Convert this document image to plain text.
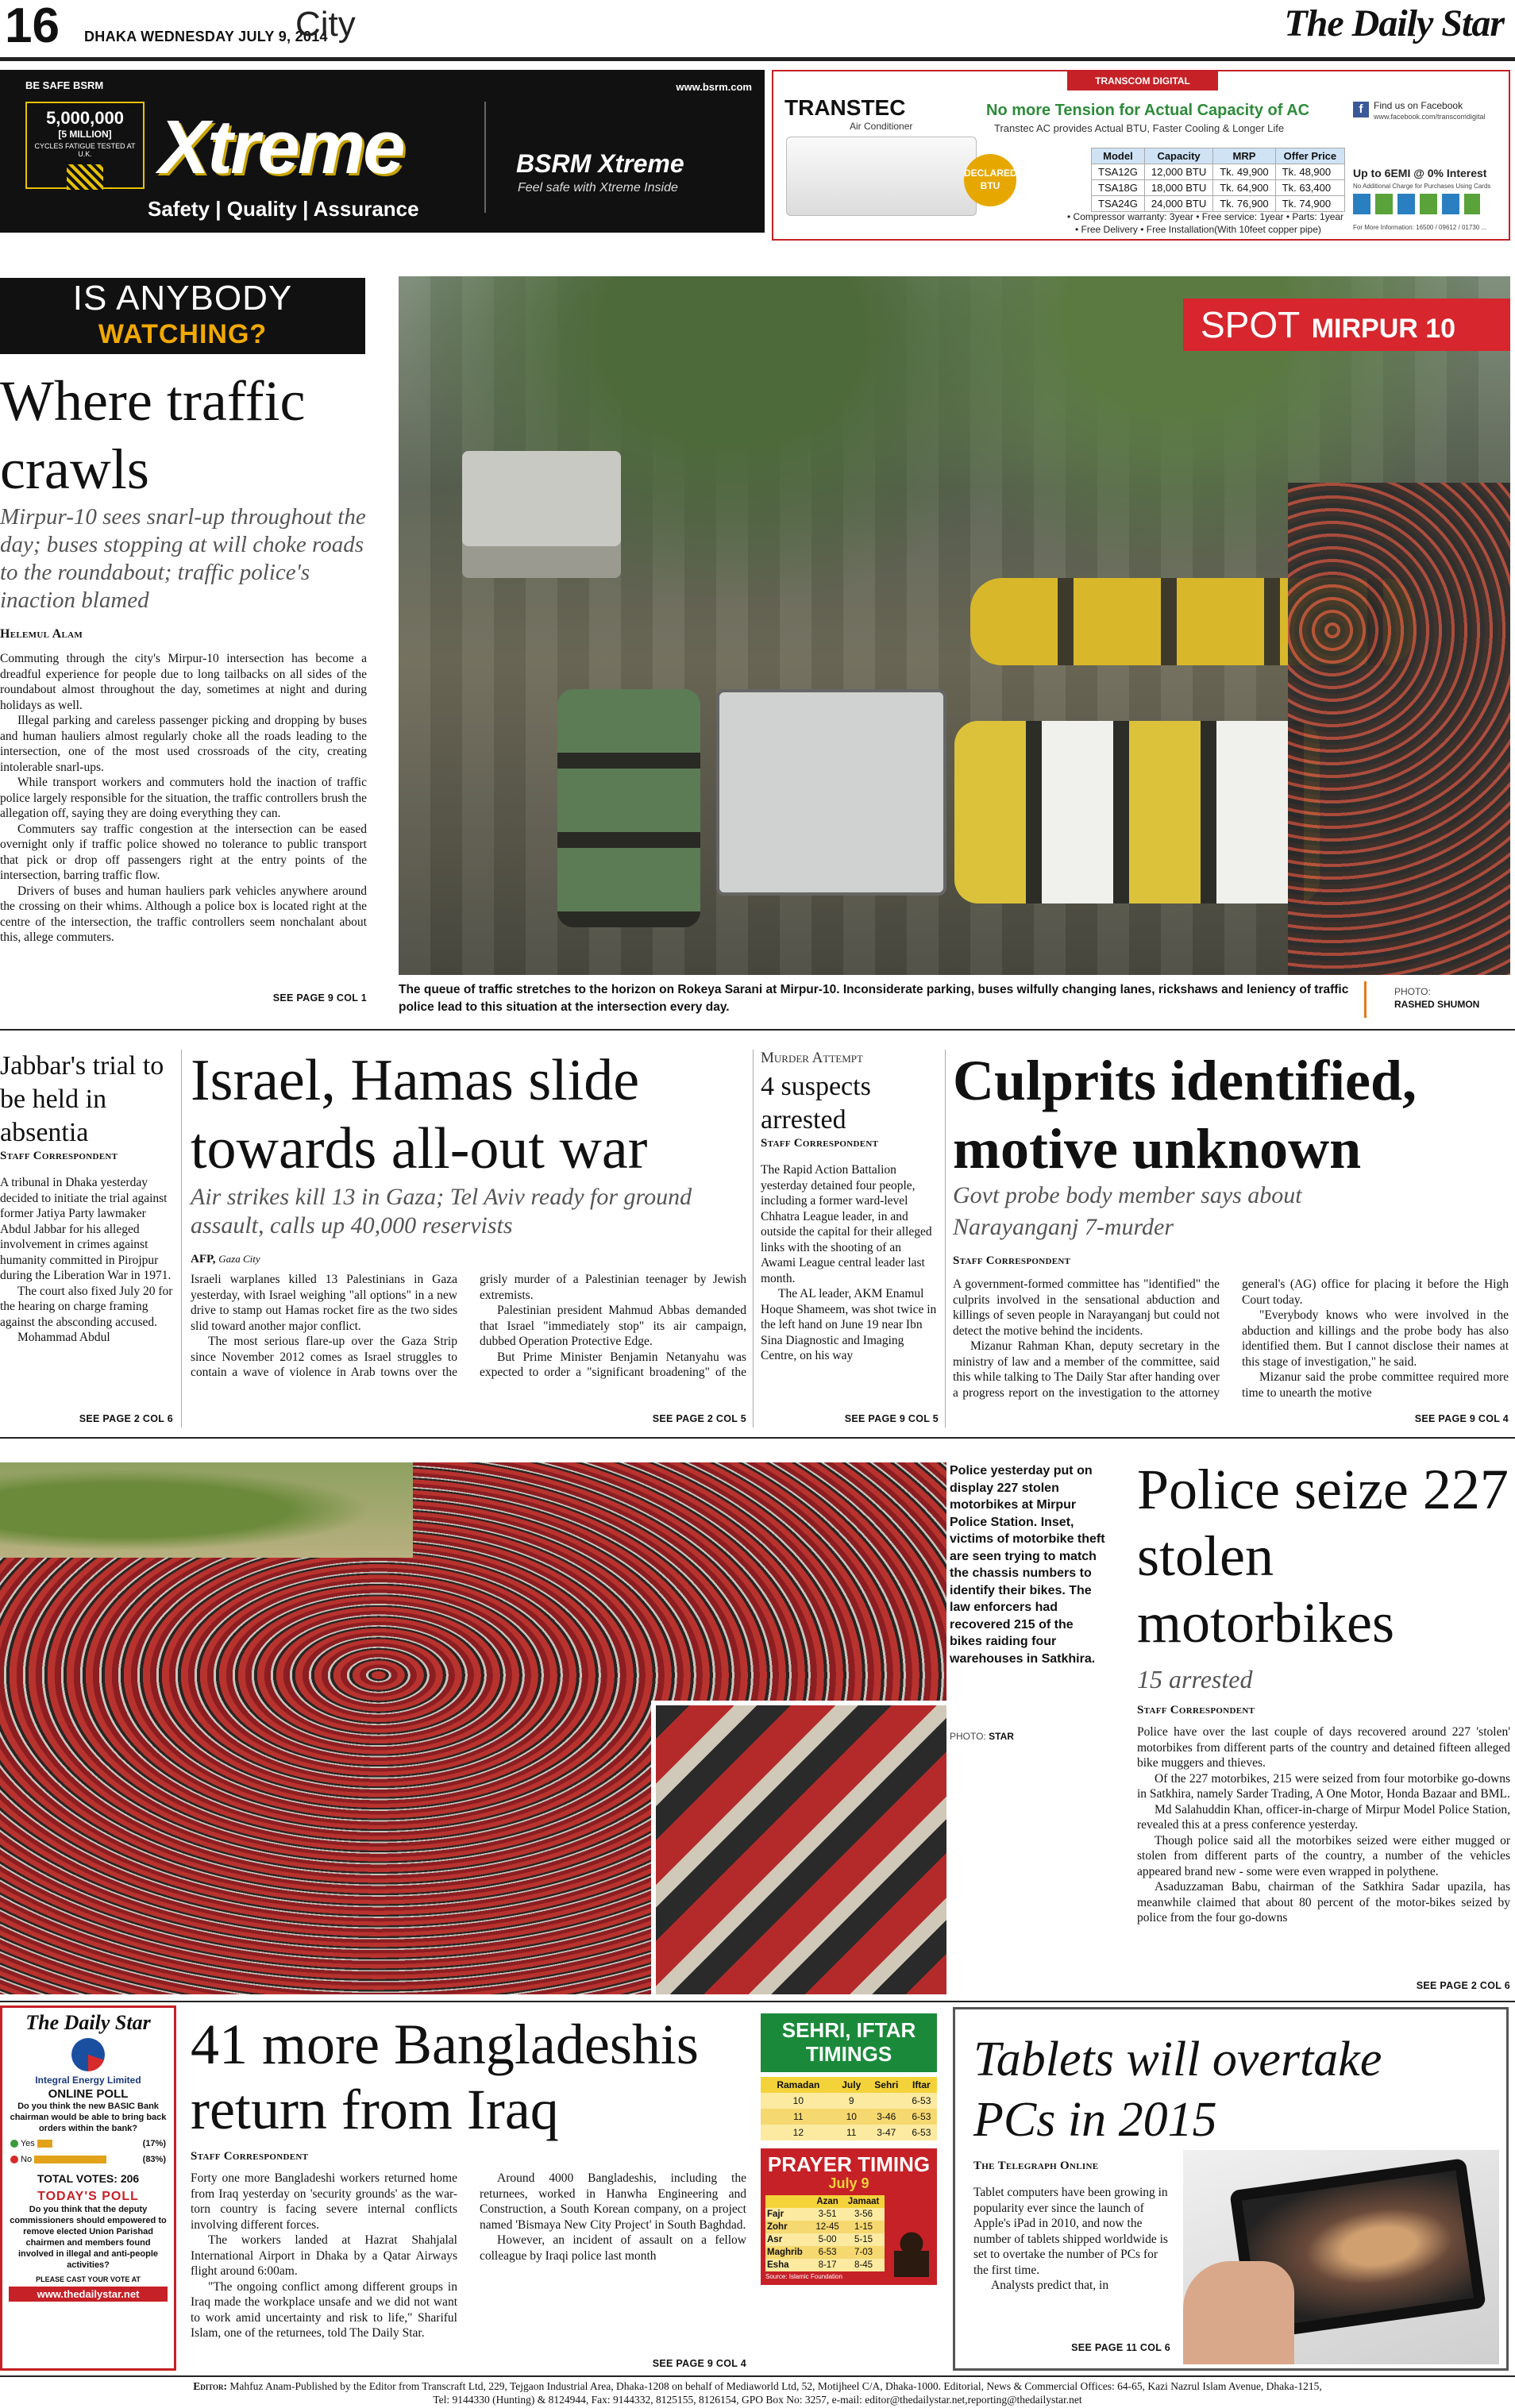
16 DHAKA WEDNESDAY JULY 9, 2014
City	The Daily Star
BE SAFE BSRM
5,000,000
[5 MILLION]
CYCLES FATIGUE TESTED AT U.K. Xtreme
Safety | Quality | Assurance
www.bsrm.com
BSRM Xtreme
Feel safe with Xtreme Inside
TRANSCOM DIGITAL
TRANSTEC
Air Conditioner
DECLARED BTU
No more Tension for Actual Capacity of AC
Transtec AC provides Actual BTU, Faster Cooling & Longer Life
Model	Capacity	MRP	Offer Price
TSA12G	12,000 BTU	Tk. 49,900	Tk. 48,900
TSA18G	18,000 BTU	Tk. 64,900	Tk. 63,400
TSA24G	24,000 BTU	Tk. 76,900	Tk. 74,900
• Compressor warranty: 3year • Free service: 1year • Parts: 1year
• Free Delivery • Free Installation(With 10feet copper pipe)
f	Find us on Facebook
www.facebook.com/transcomdigital
Up to 6EMI @ 0% Interest
No Additional Charge for Purchases Using Cards
For More Information: 16500 / 09612 / 01730 ...
IS ANYBODY
WATCHING?
Where traffic crawls
Mirpur-10 sees snarl-up throughout the day; buses stopping at will choke roads to the roundabout; traffic police's inaction blamed
Helemul Alam

Commuting through the city's Mirpur-10 intersection has become a dreadful experience for people due to long tailbacks on all sides of the roundabout almost throughout the day, sometimes at night and during holidays as well.

Illegal parking and careless passenger picking and dropping by buses and human hauliers almost regularly choke all the roads leading to the intersection, one of the most used crossroads of the city, creating intolerable snarl-ups.

While transport workers and commuters hold the inaction of traffic police largely responsible for the situation, the traffic controllers brush the allegation off, saying they are doing everything they can.

Commuters say traffic congestion at the intersection can be eased overnight only if traffic police showed no tolerance to public transport that pick or drop off passengers right at the entry points of the intersection, barring traffic flow.

Drivers of buses and human hauliers park vehicles anywhere around the crossing on their whims. Although a police box is located right at the centre of the intersection, the traffic controllers seem nonchalant about this, allege commuters.

SEE PAGE 9 COL 1
SPOT MIRPUR 10
The queue of traffic stretches to the horizon on Rokeya Sarani at Mirpur-10. Inconsiderate parking, buses wilfully changing lanes, rickshaws and leniency of traffic police lead to this situation at the intersection every day.
PHOTO:
RASHED SHUMON
Jabbar's trial to be held in absentia
Staff Correspondent

A tribunal in Dhaka yesterday decided to initiate the trial against former Jatiya Party lawmaker Abdul Jabbar for his alleged involvement in crimes against humanity committed in Pirojpur during the Liberation War in 1971.

The court also fixed July 20 for the hearing on charge framing against the absconding accused.

Mohammad Abdul

SEE PAGE 2 COL 6
Israel, Hamas slide towards all-out war
Air strikes kill 13 in Gaza; Tel Aviv ready for ground assault, calls up 40,000 reservists
AFP, Gaza City

Israeli warplanes killed 13 Palestinians in Gaza yesterday, with Israel weighing "all options" in a new drive to stamp out Hamas rocket fire as the two sides slid toward another major conflict.

The most serious flare-up over the Gaza Strip since November 2012 comes as Israel struggles to contain a wave of violence in Arab towns over the grisly murder of a Palestinian teenager by Jewish extremists.

Palestinian president Mahmud Abbas demanded that Israel "immediately stop" its air campaign, dubbed Operation Protective Edge.

But Prime Minister Benjamin Netanyahu was expected to order a "significant broadening" of the

SEE PAGE 2 COL 5
Murder Attempt
4 suspects arrested
Staff Correspondent

The Rapid Action Battalion yesterday detained four people, including a former ward-level Chhatra League leader, in and outside the capital for their alleged links with the shooting of an Awami League central leader last month.

The AL leader, AKM Enamul Hoque Shameem, was shot twice in the left hand on June 19 near Ibn Sina Diagnostic and Imaging Centre, on his way

SEE PAGE 9 COL 5
Culprits identified, motive unknown
Govt probe body member says about Narayanganj 7-murder
Staff Correspondent

A government-formed committee has "identified" the culprits involved in the sensational abduction and killings of seven people in Narayanganj but could not detect the motive behind the incidents.

Mizanur Rahman Khan, deputy secretary in the ministry of law and a member of the committee, said this while talking to The Daily Star after handing over a progress report on the investigation to the attorney general's (AG) office for placing it before the High Court today.

"Everybody knows who were involved in the abduction and killings and the probe body has also identified them. But I cannot disclose their names at this stage of investigation," he said.

Mizanur said the probe committee required more time to unearth the motive

SEE PAGE 9 COL 4
Police yesterday put on display 227 stolen motorbikes at Mirpur Police Station. Inset, victims of motorbike theft are seen trying to match the chassis numbers to identify their bikes. The law enforcers had recovered 215 of the bikes raiding four warehouses in Satkhira.
PHOTO: STAR
Police seize 227 stolen motorbikes
15 arrested
Staff Correspondent

Police have over the last couple of days recovered around 227 'stolen' motorbikes from different parts of the country and detained fifteen alleged bike muggers and thieves.

Of the 227 motorbikes, 215 were seized from four motorbike go-downs in Satkhira, namely Sarder Trading, A One Motor, Honda Bazaar and BML.

Md Salahuddin Khan, officer-in-charge of Mirpur Model Police Station, revealed this at a press conference yesterday.

Though police said all the motorbikes seized were either mugged or stolen from different parts of the country, a number of the vehicles appeared brand new - some were even wrapped in polythene.

Asaduzzaman Babu, chairman of the Satkhira Sadar upazila, has meanwhile claimed that about 80 percent of the motor-bikes seized by police from the four go-downs

SEE PAGE 2 COL 6
The Daily Star
Integral Energy Limited
ONLINE POLL
Do you think the new BASIC Bank chairman would be able to bring back orders within the bank?
Yes	(17%)
No	(83%)
TOTAL VOTES: 206
TODAY'S POLL
Do you think that the deputy commissioners should empowered to remove elected Union Parishad chairmen and members found involved in illegal and anti-people activities?
PLEASE CAST YOUR VOTE AT
www.thedailystar.net
41 more Bangladeshis return from Iraq
Staff Correspondent

Forty one more Bangladeshi workers returned home from Iraq yesterday on 'security grounds' as the war-torn country is facing severe internal conflicts involving different forces.

The workers landed at Hazrat Shahjalal International Airport in Dhaka by a Qatar Airways flight around 6:00am.

"The ongoing conflict among different groups in Iraq made the workplace unsafe and we did not want to work amid uncertainty and risk to life," Shariful Islam, one of the returnees, told The Daily Star.

Around 4000 Bangladeshis, including the returnees, worked in Hanwha Engineering and Construction, a South Korean company, on a project named 'Bismaya New City Project' in South Baghdad.

However, an incident of assault on a fellow colleague by Iraqi police last month

SEE PAGE 9 COL 4
SEHRI, IFTAR
TIMINGS
Ramadan	July	Sehri	Iftar
10	9		6-53
11	10	3-46	6-53
12	11	3-47	6-53
PRAYER TIMING
July 9
	Azan	Jamaat
Fajr	3-51	3-56
Zohr	12-45	1-15
Asr	5-00	5-15
Maghrib	6-53	7-03
Esha	8-17	8-45
Source: Islamic Foundation
Tablets will overtake PCs in 2015
The Telegraph Online

Tablet computers have been growing in popularity ever since the launch of Apple's iPad in 2010, and now the number of tablets shipped worldwide is set to overtake the number of PCs for the first time.

Analysts predict that, in

SEE PAGE 11 COL 6
Editor: Mahfuz Anam-Published by the Editor from Transcraft Ltd, 229, Tejgaon Industrial Area, Dhaka-1208 on behalf of Mediaworld Ltd, 52, Motijheel C/A, Dhaka-1000. Editorial, News & Commercial Offices: 64-65, Kazi Nazrul Islam Avenue, Dhaka-1215,
Tel: 9144330 (Hunting) & 8124944, Fax: 9144332, 8125155, 8126154, GPO Box No: 3257, e-mail: editor@thedailystar.net,reporting@thedailystar.net
